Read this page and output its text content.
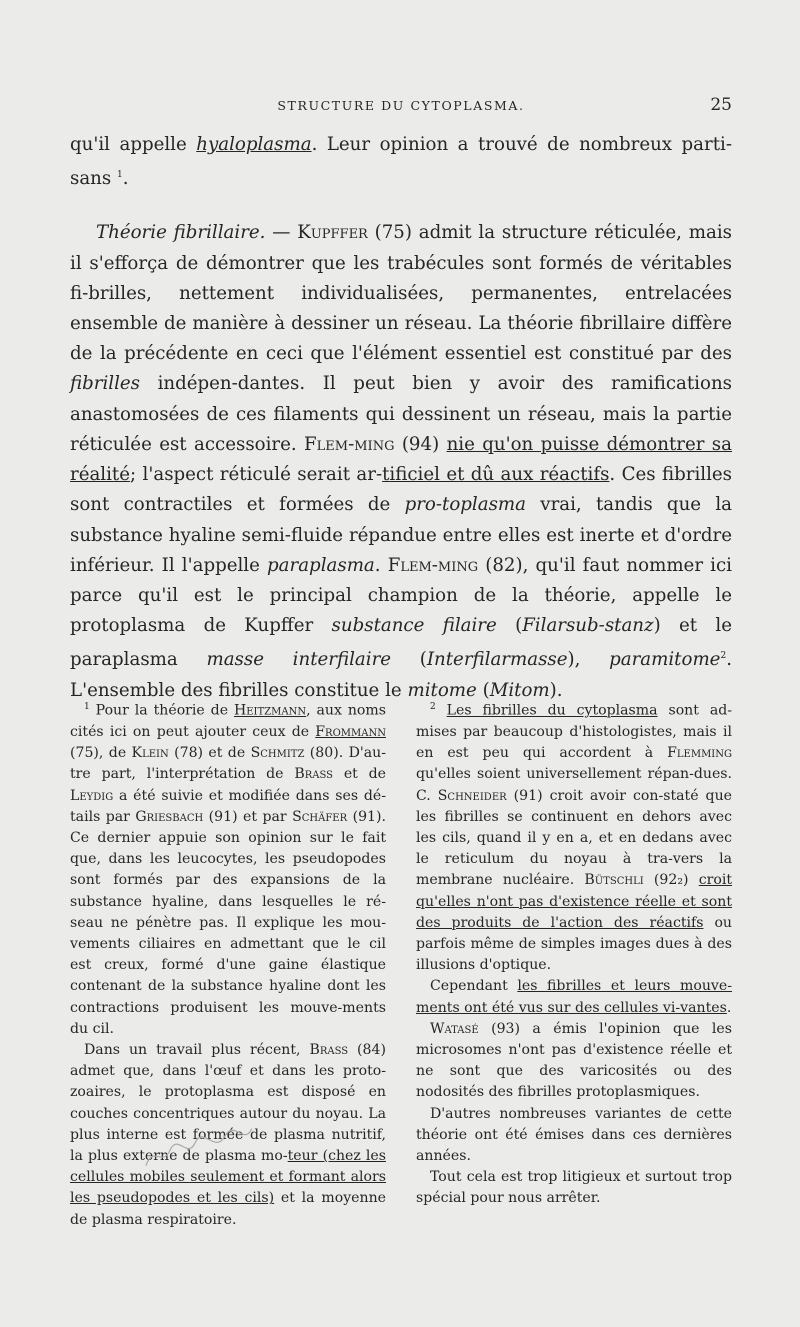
STRUCTURE DU CYTOPLASMA.	25

qu'il appelle hyaloplasma. Leur opinion a trouvé de nombreux parti-sans $^1$.

Théorie fibrillaire. — Kupffer (75) admit la structure réticulée, mais il s'efforça de démontrer que les trabécules sont formés de véritables fi-brilles, nettement individualisées, permanentes, entrelacées ensemble de manière à dessiner un réseau. La théorie fibrillaire diffère de la précédente en ceci que l'élément essentiel est constitué par des fibrilles indépen-dantes. Il peut bien y avoir des ramifications anastomosées de ces filaments qui dessinent un réseau, mais la partie réticulée est accessoire. Flem-ming (94) nie qu'on puisse démontrer sa réalité; l'aspect réticulé serait ar-tificiel et dû aux réactifs. Ces fibrilles sont contractiles et formées de pro-toplasma vrai, tandis que la substance hyaline semi-fluide répandue entre elles est inerte et d'ordre inférieur. Il l'appelle paraplasma. Flem-ming (82), qu'il faut nommer ici parce qu'il est le principal champion de la théorie, appelle le protoplasma de Kupffer substance filaire (Filarsub-stanz) et le paraplasma masse interfilaire (Interfilarmasse), paramitome$^2$. L'ensemble des fibrilles constitue le mitome (Mitom).

$^1$ Pour la théorie de Heitzmann, aux noms cités ici on peut ajouter ceux de Frommann (75), de Klein (78) et de Schmitz (80). D'au-tre part, l'interprétation de Brass et de Leydig a été suivie et modifiée dans ses dé-tails par Griesbach (91) et par Schäfer (91). Ce dernier appuie son opinion sur le fait que, dans les leucocytes, les pseudopodes sont formés par des expansions de la substance hyaline, dans lesquelles le ré-seau ne pénètre pas. Il explique les mou-vements ciliaires en admettant que le cil est creux, formé d'une gaine élastique contenant de la substance hyaline dont les contractions produisent les mouve-ments du cil.

Dans un travail plus récent, Brass (84) admet que, dans l'œuf et dans les proto-zoaires, le protoplasma est disposé en couches concentriques autour du noyau. La plus interne est formée de plasma nutritif, la plus externe de plasma mo-teur (chez les cellules mobiles seulement et formant alors les pseudopodes et les cils) et la moyenne de plasma respiratoire.

$^2$ Les fibrilles du cytoplasma sont ad-mises par beaucoup d'histologistes, mais il en est peu qui accordent à Flemming qu'elles soient universellement répan-dues. C. Schneider (91) croit avoir con-staté que les fibrilles se continuent en dehors avec les cils, quand il y en a, et en dedans avec le reticulum du noyau à tra-vers la membrane nucléaire. Bütschli (92₂) croit qu'elles n'ont pas d'existence réelle et sont des produits de l'action des réactifs ou parfois même de simples images dues à des illusions d'optique.

Cependant les fibrilles et leurs mouve-ments ont été vus sur des cellules vi-vantes.

Watasé (93) a émis l'opinion que les microsomes n'ont pas d'existence réelle et ne sont que des varicosités ou des nodosités des fibrilles protoplasmiques.

D'autres nombreuses variantes de cette théorie ont été émises dans ces dernières années.

Tout cela est trop litigieux et surtout trop spécial pour nous arrêter.
